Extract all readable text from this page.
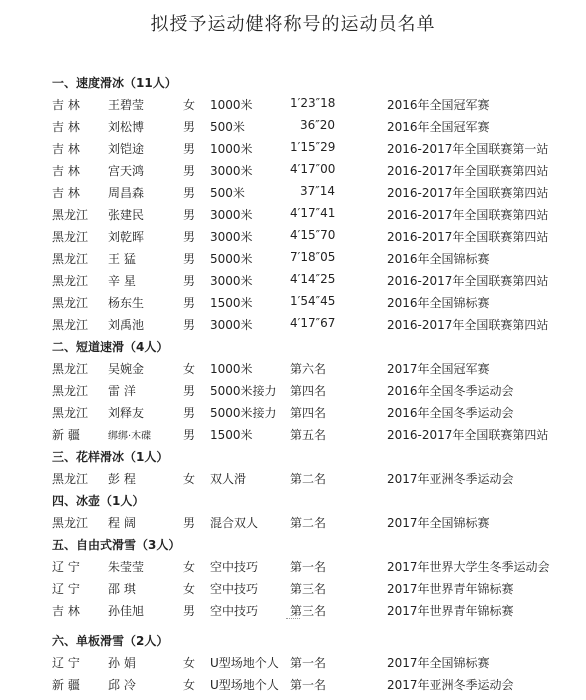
拟授予运动健将称号的运动员名单
一、速度滑冰（11人）
吉 林 王碧莹	女 1000米	1′23″18	2016年全国冠军赛
吉 林 刘松博	男 500米	36″20	2016年全国冠军赛
吉 林 刘铠途	男 1000米	1′15″29	2016-2017年全国联赛第一站
吉 林 宫天鸿	男 3000米	4′17″00	2016-2017年全国联赛第四站
吉 林 周昌森	男 500米	37″14	2016-2017年全国联赛第四站
黑龙江 张建民	男 3000米	4′17″41	2016-2017年全国联赛第四站
黑龙江 刘乾晖	男 3000米	4′15″70	2016-2017年全国联赛第四站
黑龙江 王 猛	男 5000米	7′18″05	2016年全国锦标赛
黑龙江 辛 星	男 3000米	4′14″25	2016-2017年全国联赛第四站
黑龙江 杨东生	男 1500米	1′54″45	2016年全国锦标赛
黑龙江 刘禹池	男 3000米	4′17″67	2016-2017年全国联赛第四站
二、短道速滑（4人）
黑龙江 吴婉金	女 1000米	第六名	2017年全国冠军赛
黑龙江 雷 洋	男 5000米接力 第四名	2016年全国冬季运动会
黑龙江 刘释友	男 5000米接力 第四名	2016年全国冬季运动会
新 疆	绑绑·木碟	男 1500米	第五名	2016-2017年全国联赛第四站
三、花样滑冰（1人）
黑龙江 彭 程	女 双人滑	第二名	2017年亚洲冬季运动会
四、冰壶（1人）
黑龙江 程 阔	男 混合双人	第二名	2017年全国锦标赛
五、自由式滑雪（3人）
辽 宁 朱莹莹	女 空中技巧	第一名	2017年世界大学生冬季运动会
辽 宁 邵 琪	女 空中技巧	第三名	2017年世界青年锦标赛
吉 林 孙佳旭	男 空中技巧	第三名	2017年世界青年锦标赛
六、单板滑雪（2人）
辽 宁 孙 娟	女 U型场地个人 第一名	2017年全国锦标赛
新 疆 邱 冷	女 U型场地个人 第一名	2017年亚洲冬季运动会
